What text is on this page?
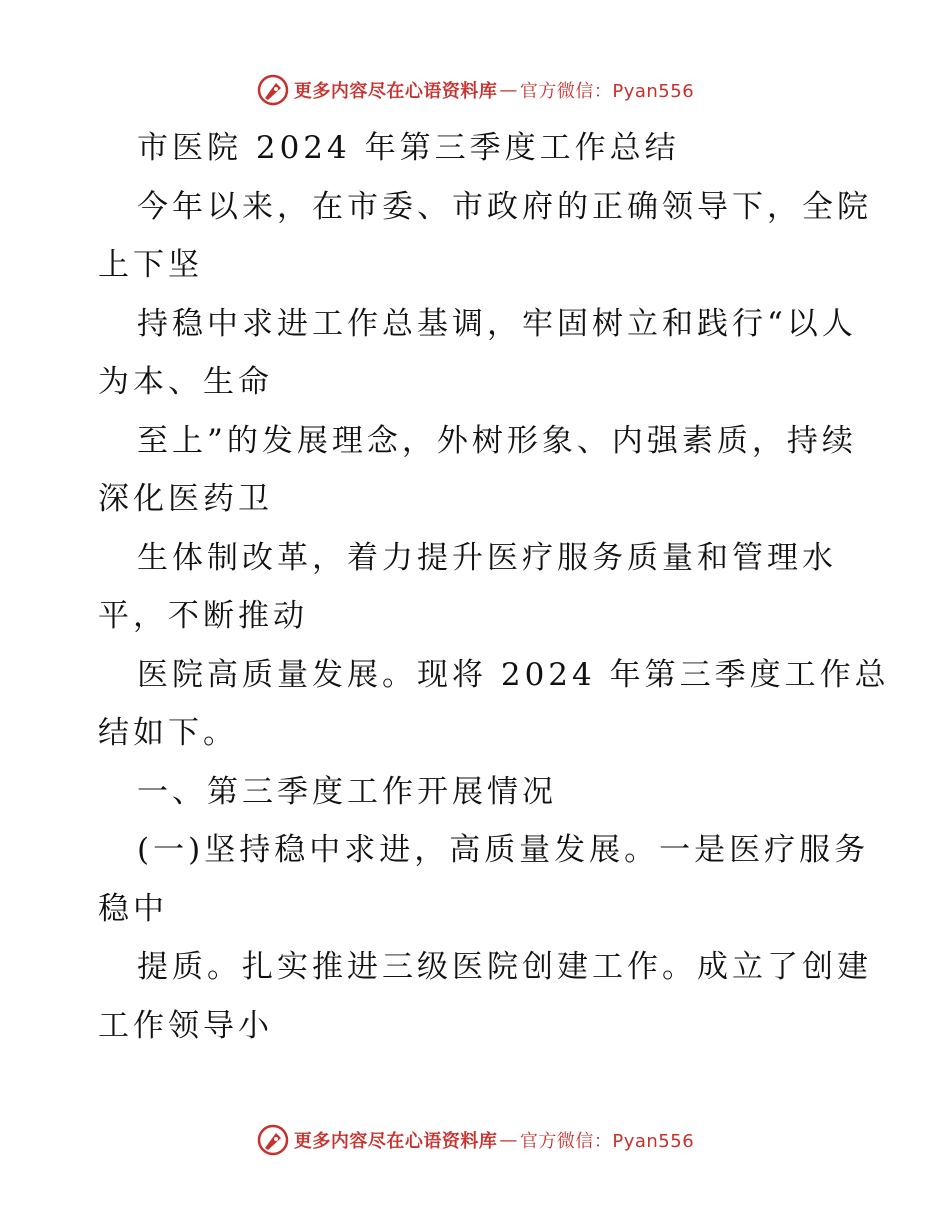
更多内容尽在心语资料库 — 官方微信：Pyan556
市医院 2024 年第三季度工作总结
今年以来，在市委、市政府的正确领导下，全院
上下坚
持稳中求进工作总基调，牢固树立和践行“以人
为本、生命
至上”的发展理念，外树形象、内强素质，持续
深化医药卫
生体制改革，着力提升医疗服务质量和管理水
平，不断推动
医院高质量发展。现将 2024 年第三季度工作总
结如下。
一、第三季度工作开展情况
(一)坚持稳中求进，高质量发展。一是医疗服务
稳中
提质。扎实推进三级医院创建工作。成立了创建
工作领导小
更多内容尽在心语资料库 — 官方微信：Pyan556
